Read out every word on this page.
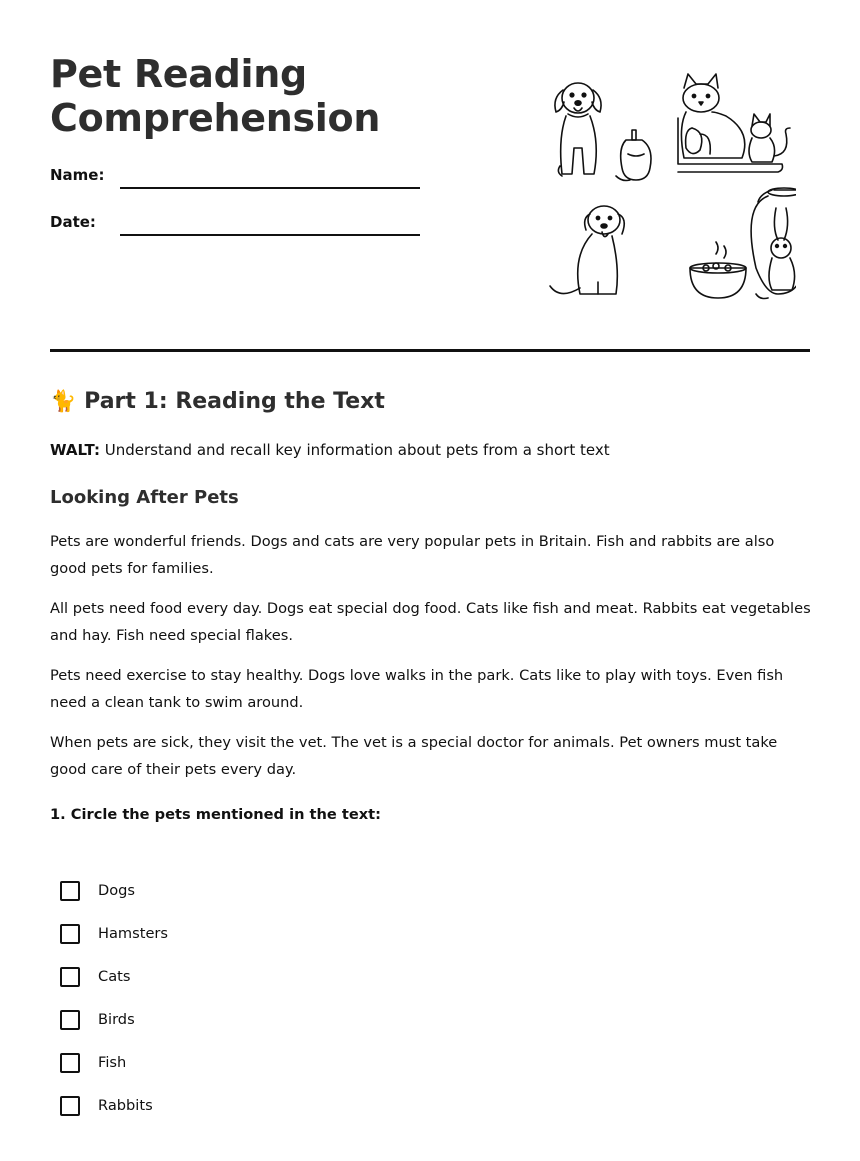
Pet Reading
Comprehension
Name:
Date:
🐈 Part 1: Reading the Text
WALT: Understand and recall key information about pets from a short text
Looking After Pets
Pets are wonderful friends. Dogs and cats are very popular pets in Britain. Fish and rabbits are also good pets for families.
All pets need food every day. Dogs eat special dog food. Cats like fish and meat. Rabbits eat vegetables and hay. Fish need special flakes.
Pets need exercise to stay healthy. Dogs love walks in the park. Cats like to play with toys. Even fish need a clean tank to swim around.
When pets are sick, they visit the vet. The vet is a special doctor for animals. Pet owners must take good care of their pets every day.
1. Circle the pets mentioned in the text:
Dogs
Hamsters
Cats
Birds
Fish
Rabbits
